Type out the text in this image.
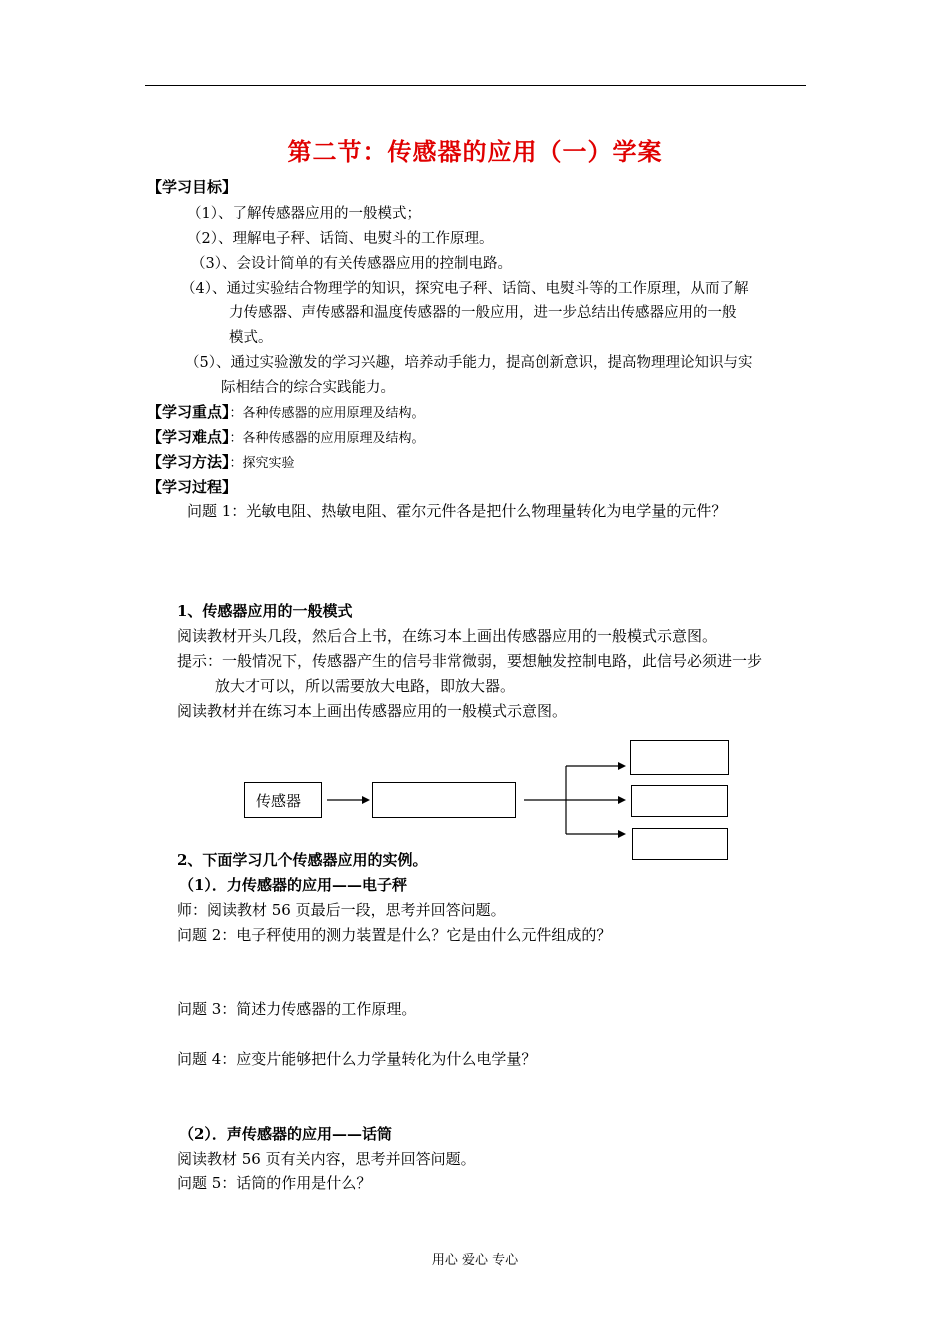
第二节：传感器的应用（一）学案
【学习目标】
（1）、了解传感器应用的一般模式；
（2）、理解电子秤、话筒、电熨斗的工作原理。
（3）、会设计简单的有关传感器应用的控制电路。
（4）、通过实验结合物理学的知识，探究电子秤、话筒、电熨斗等的工作原理，从而了解
力传感器、声传感器和温度传感器的一般应用，进一步总结出传感器应用的一般
模式。
（5）、通过实验激发的学习兴趣，培养动手能力，提高创新意识，提高物理理论知识与实
际相结合的综合实践能力。
【学习重点】：各种传感器的应用原理及结构。
【学习难点】：各种传感器的应用原理及结构。
【学习方法】：探究实验
【学习过程】
问题 1：光敏电阻、热敏电阻、霍尔元件各是把什么物理量转化为电学量的元件？
1、传感器应用的一般模式
阅读教材开头几段，然后合上书，在练习本上画出传感器应用的一般模式示意图。
提示：一般情况下，传感器产生的信号非常微弱，要想触发控制电路，此信号必须进一步
放大才可以，所以需要放大电路，即放大器。
阅读教材并在练习本上画出传感器应用的一般模式示意图。
传感器
2、下面学习几个传感器应用的实例。
（1）．力传感器的应用——电子秤
师：阅读教材 56 页最后一段，思考并回答问题。
问题 2：电子秤使用的测力装置是什么？它是由什么元件组成的？
问题 3：简述力传感器的工作原理。
问题 4：应变片能够把什么力学量转化为什么电学量？
（2）．声传感器的应用——话筒
阅读教材 56 页有关内容，思考并回答问题。
问题 5：话筒的作用是什么？
用心 爱心 专心
